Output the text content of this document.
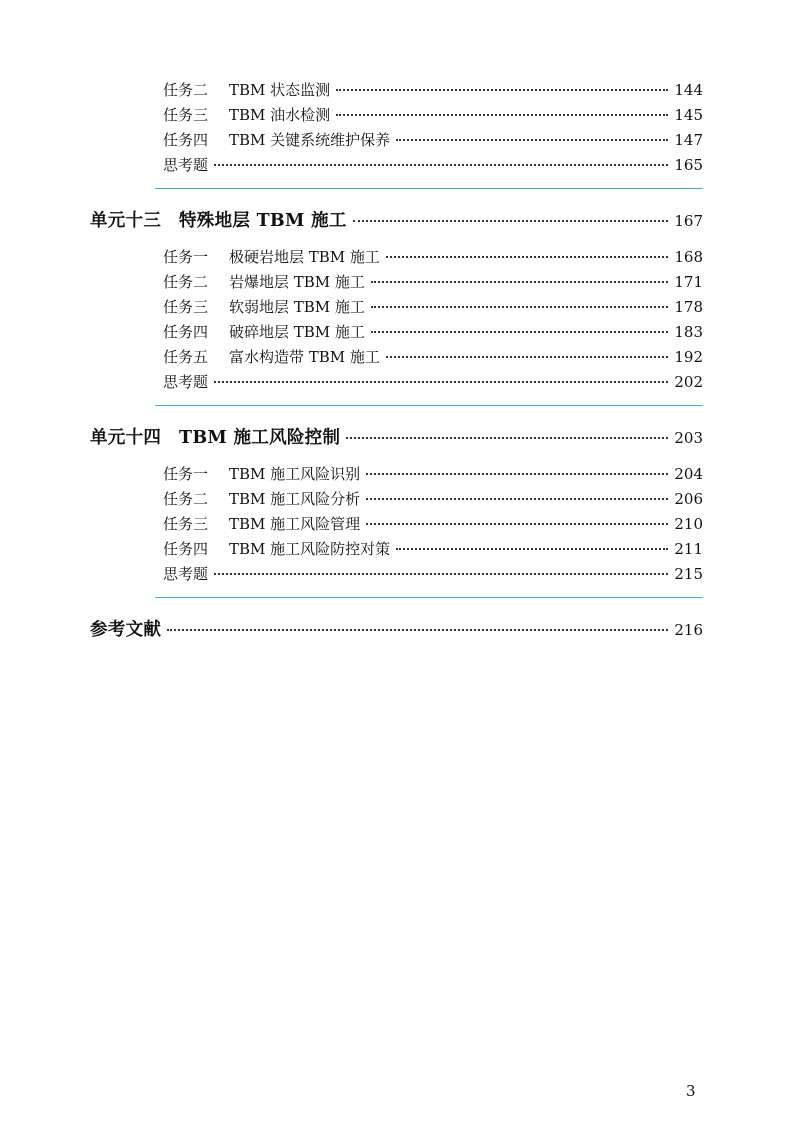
任务二	TBM 状态监测	144
任务三	TBM 油水检测	145
任务四	TBM 关键系统维护保养	147
思考题	165
单元十三　特殊地层 TBM 施工	167
任务一	极硬岩地层 TBM 施工	168
任务二	岩爆地层 TBM 施工	171
任务三	软弱地层 TBM 施工	178
任务四	破碎地层 TBM 施工	183
任务五	富水构造带 TBM 施工	192
思考题	202
单元十四　TBM 施工风险控制	203
任务一	TBM 施工风险识别	204
任务二	TBM 施工风险分析	206
任务三	TBM 施工风险管理	210
任务四	TBM 施工风险防控对策	211
思考题	215
参考文献	216
3
